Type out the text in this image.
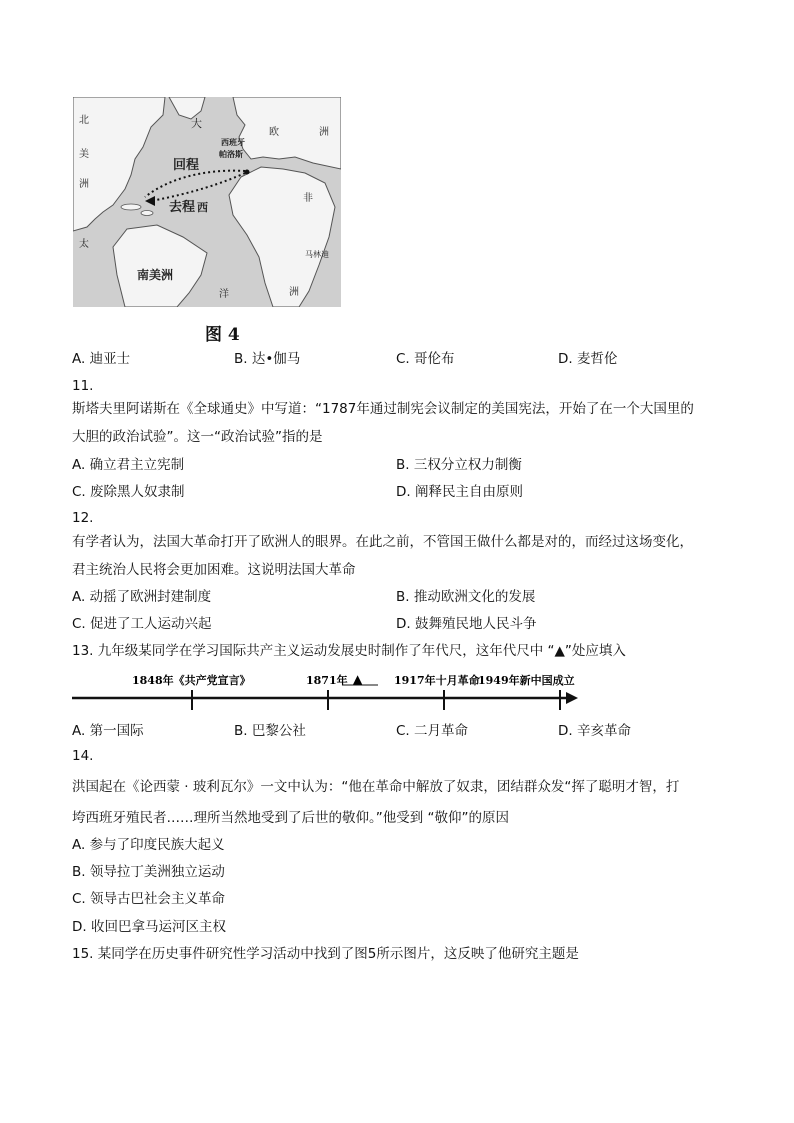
北	大
欧	洲
美
洲
西班牙
帕洛斯
回程
去程 西
非
太
南美洲
马林迪
洋	洲
图 4
A. 迪亚士	B. 达•伽马	C. 哥伦布	D. 麦哲伦
11.
斯塔夫里阿诺斯在《全球通史》中写道：“1787年通过制宪会议制定的美国宪法，开始了在一个大国里的
大胆的政治试验”。这一“政治试验”指的是
A. 确立君主立宪制	B. 三权分立权力制衡
C. 废除黑人奴隶制	D. 阐释民主自由原则
12.
有学者认为，法国大革命打开了欧洲人的眼界。在此之前，不管国王做什么都是对的，而经过这场变化，
君主统治人民将会更加困难。这说明法国大革命
A. 动摇了欧洲封建制度	B. 推动欧洲文化的发展
C. 促进了工人运动兴起	D. 鼓舞殖民地人民斗争
13. 九年级某同学在学习国际共产主义运动发展史时制作了年代尺，这年代尺中 “▲”处应填入
1848年《共产党宣言》	1871年 ▲	1917年十月革命
1949年新中国成立
A. 第一国际	B. 巴黎公社	C. 二月革命	D. 辛亥革命
14.
洪国起在《论西蒙 · 玻利瓦尔》一文中认为：“他在革命中解放了奴隶，团结群众发“挥了聪明才智，打
垮西班牙殖民者……理所当然地受到了后世的敬仰。”他受到 “敬仰”的原因
A. 参与了印度民族大起义
B. 领导拉丁美洲独立运动
C. 领导古巴社会主义革命
D. 收回巴拿马运河区主权
15. 某同学在历史事件研究性学习活动中找到了图5所示图片，这反映了他研究主题是
